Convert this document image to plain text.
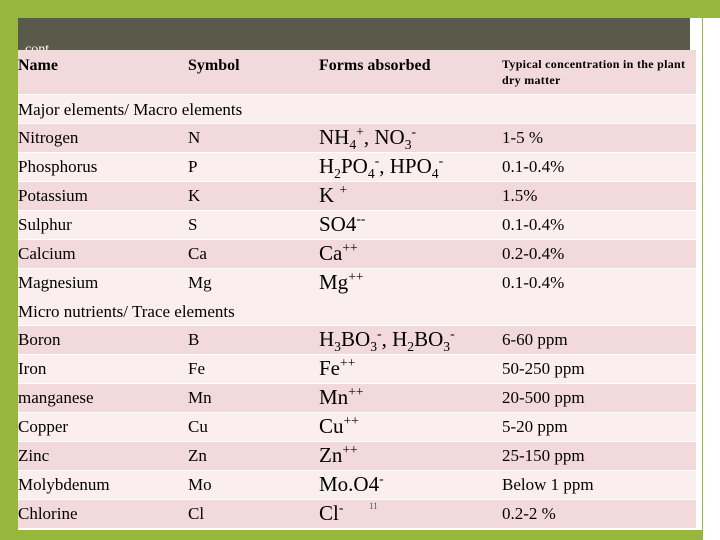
Name	Symbol	Forms absorbed	Typical concentration in the plant dry matter
Major elements/ Macro elements
Nitrogen	N	$NH_4^+$, $NO_3^-$	1-5 %
Phosphorus	P	$H_2PO_4^-$, $HPO_4^-$	0.1-0.4%
Potassium	K	K +	1.5%
Sulphur	S	SO4--	0.1-0.4%
Calcium	Ca	Ca++	0.2-0.4%
Magnesium	Mg	Mg++	0.1-0.4%
Micro nutrients/ Trace elements
Boron	B	$H_3BO_3^-$, $H_2BO_3^-$	6-60 ppm
Iron	Fe	Fe++	50-250 ppm
manganese	Mn	Mn++	20-500 ppm
Copper	Cu	Cu++	5-20 ppm
Zinc	Zn	Zn++	25-150 ppm
Molybdenum	Mo	Mo.O4-	Below 1 ppm
Chlorine	Cl	Cl-	0.2-2 %
11
